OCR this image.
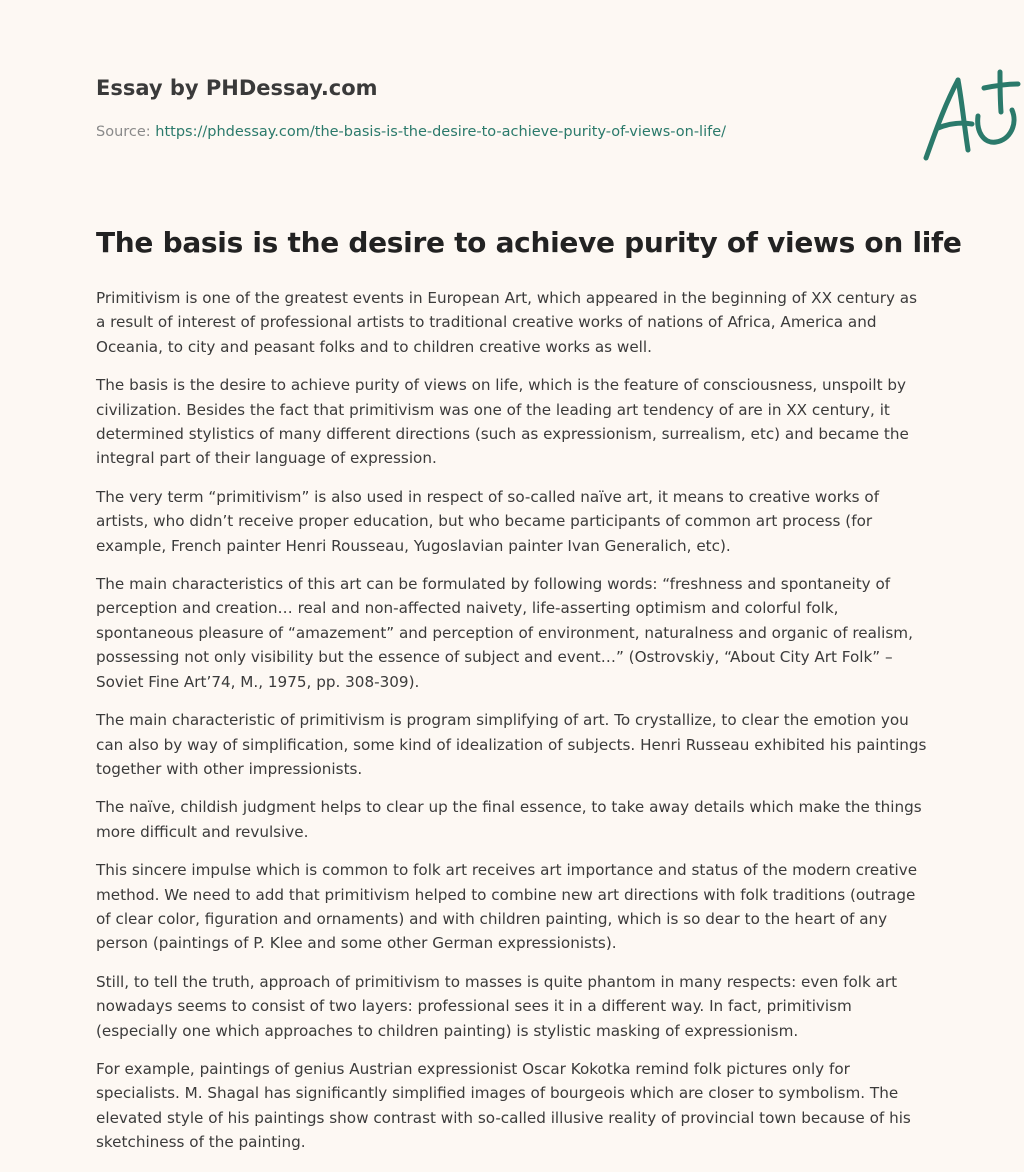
Essay by PHDessay.com
Source: https://phdessay.com/the-basis-is-the-desire-to-achieve-purity-of-views-on-life/
The basis is the desire to achieve purity of views on life

Primitivism is one of the greatest events in European Art, which appeared in the beginning of XX century as a result of interest of professional artists to traditional creative works of nations of Africa, America and Oceania, to city and peasant folks and to children creative works as well.

The basis is the desire to achieve purity of views on life, which is the feature of consciousness, unspoilt by civilization. Besides the fact that primitivism was one of the leading art tendency of are in XX century, it determined stylistics of many different directions (such as expressionism, surrealism, etc) and became the integral part of their language of expression.

The very term “primitivism” is also used in respect of so-called naïve art, it means to creative works of artists, who didn’t receive proper education, but who became participants of common art process (for example, French painter Henri Rousseau, Yugoslavian painter Ivan Generalich, etc).

The main characteristics of this art can be formulated by following words: “freshness and spontaneity of perception and creation… real and non-affected naivety, life-asserting optimism and colorful folk, spontaneous pleasure of “amazement” and perception of environment, naturalness and organic of realism, possessing not only visibility but the essence of subject and event…” (Ostrovskiy, “About City Art Folk” – Soviet Fine Art’74, M., 1975, pp. 308-309).

The main characteristic of primitivism is program simplifying of art. To crystallize, to clear the emotion you can also by way of simplification, some kind of idealization of subjects. Henri Russeau exhibited his paintings together with other impressionists.

The naïve, childish judgment helps to clear up the final essence, to take away details which make the things more difficult and revulsive.

This sincere impulse which is common to folk art receives art importance and status of the modern creative method. We need to add that primitivism helped to combine new art directions with folk traditions (outrage of clear color, figuration and ornaments) and with children painting, which is so dear to the heart of any person (paintings of P. Klee and some other German expressionists).

Still, to tell the truth, approach of primitivism to masses is quite phantom in many respects: even folk art nowadays seems to consist of two layers: professional sees it in a different way. In fact, primitivism (especially one which approaches to children painting) is stylistic masking of expressionism.

For example, paintings of genius Austrian expressionist Oscar Kokotka remind folk pictures only for specialists. M. Shagal has significantly simplified images of bourgeois which are closer to symbolism. The elevated style of his paintings show contrast with so-called illusive reality of provincial town because of his sketchiness of the painting.
